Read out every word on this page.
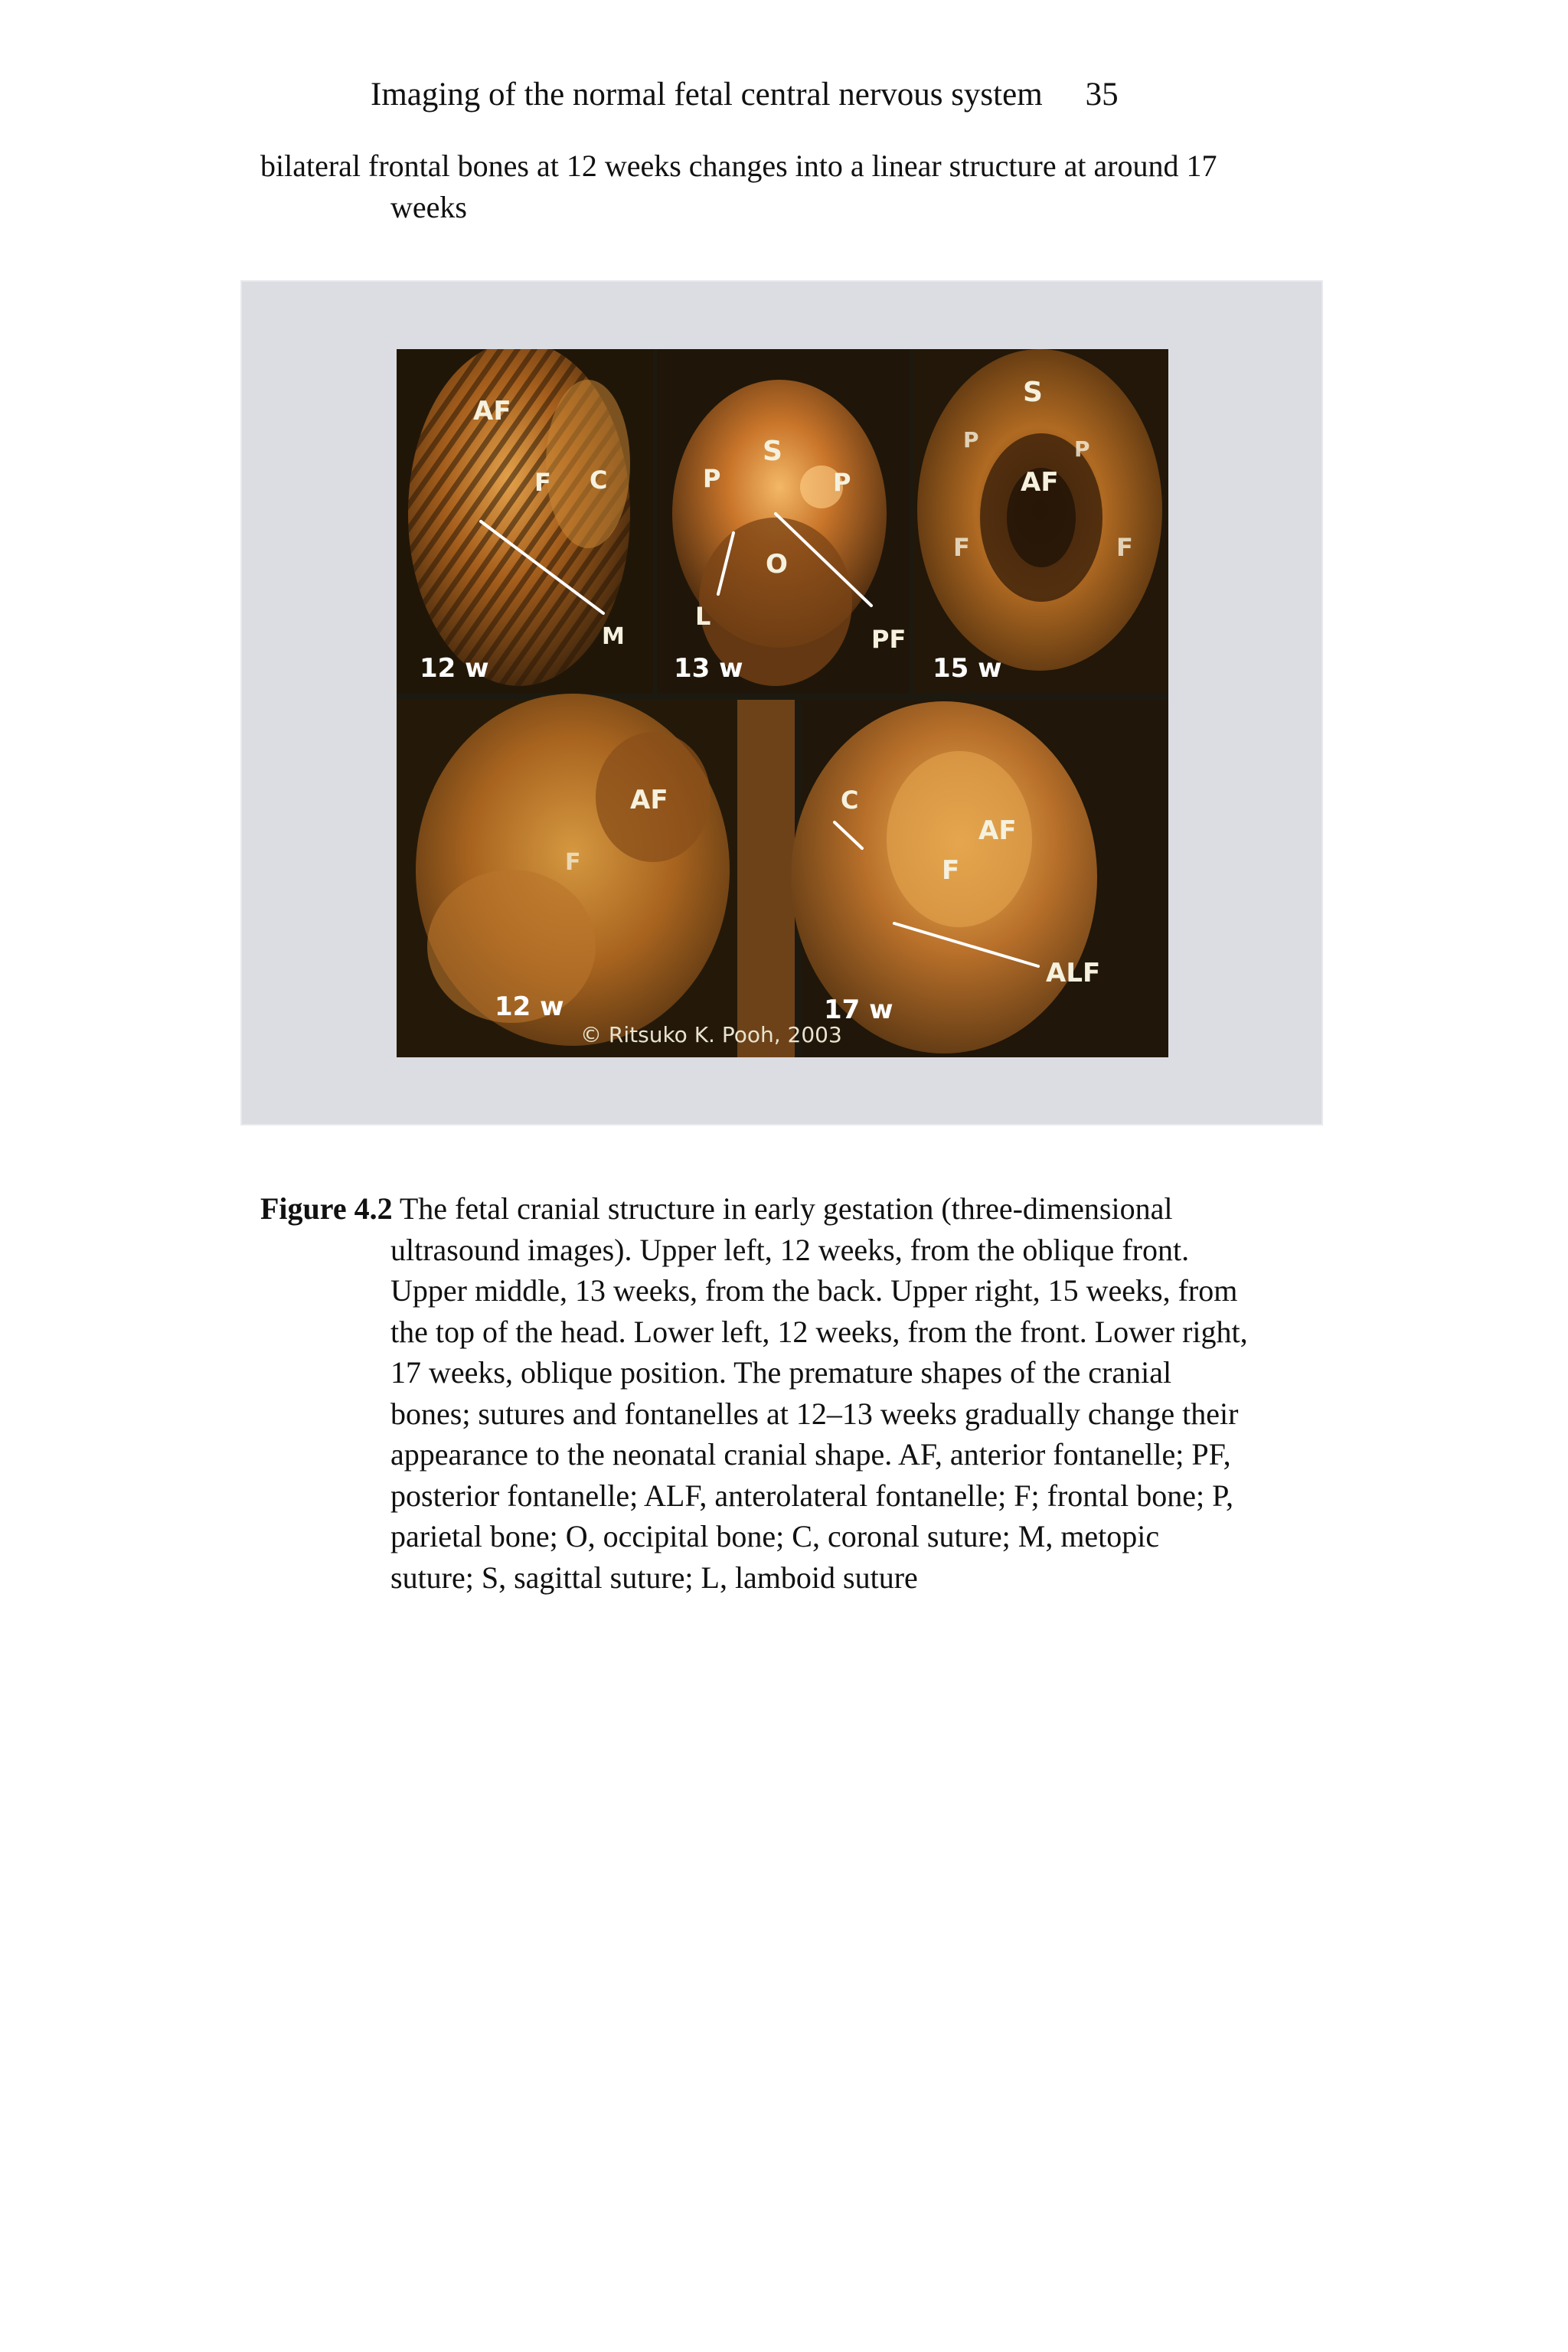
Imaging of the normal fetal central nervous system 35
bilateral frontal bones at 12 weeks changes into a linear structure at around 17
weeks
AF
F C
M
12 w
S
P	P
O
L
PF
13 w
S
P	P
AF
F	F
15 w
AF
F
12 w
C
AF
F
ALF
17 w
© Ritsuko K. Pooh, 2003
Figure 4.2 The fetal cranial structure in early gestation (three-dimensional
ultrasound images). Upper left, 12 weeks, from the oblique front.
Upper middle, 13 weeks, from the back. Upper right, 15 weeks, from
the top of the head. Lower left, 12 weeks, from the front. Lower right,
17 weeks, oblique position. The premature shapes of the cranial
bones; sutures and fontanelles at 12–13 weeks gradually change their
appearance to the neonatal cranial shape. AF, anterior fontanelle; PF,
posterior fontanelle; ALF, anterolateral fontanelle; F; frontal bone; P,
parietal bone; O, occipital bone; C, coronal suture; M, metopic
suture; S, sagittal suture; L, lamboid suture
